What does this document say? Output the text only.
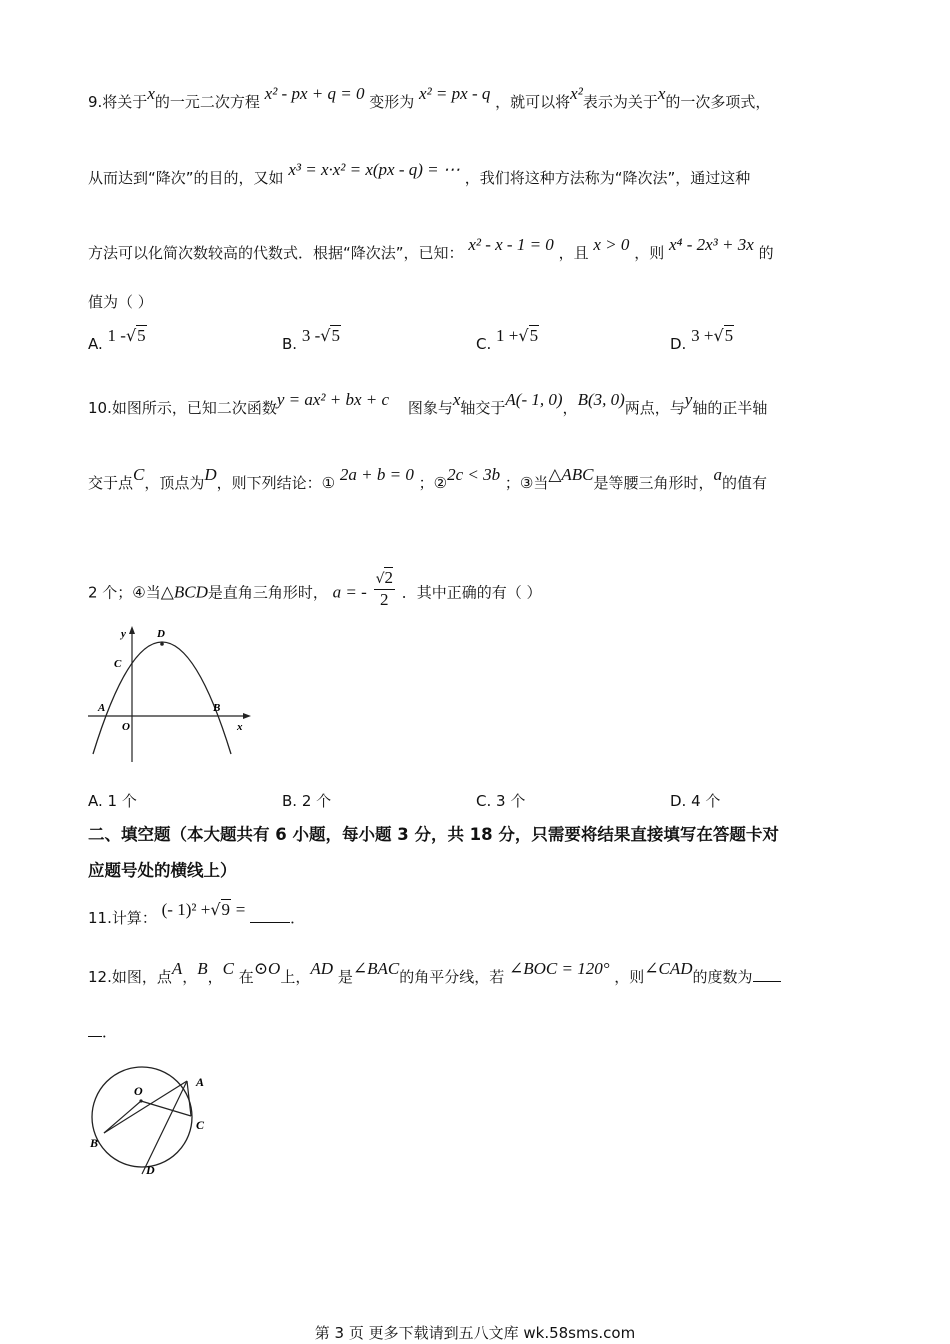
9.将关于x的一元二次方程 x² - px + q = 0 变形为 x² = px - q ，就可以将x²表示为关于x的一次多项式，
从而达到“降次”的目的，又如 x³ = x·x² = x(px - q) = ⋯ ，我们将这种方法称为“降次法”，通过这种
方法可以化简次数较高的代数式．根据“降次法”，已知： x² - x - 1 = 0 ，且 x > 0 ，则 x⁴ - 2x³ + 3x 的
值为（ ）
A. 1 -√5	B. 3 -√5	C. 1 +√5	D. 3 +√5
10.如图所示，已知二次函数y = ax² + bx + c 图象与x轴交于A(- 1, 0)，B(3, 0)两点，与y轴的正半轴
交于点C，顶点为D，则下列结论：① 2a + b = 0 ；②2c < 3b ；③当△ABC是等腰三角形时，a的值有
2 个；④当△BCD是直角三角形时， a = - $\frac{√2}{2}$ ．其中正确的有（ ）
y	D
C
A
O
B
x
A. 1 个	B. 2 个	C. 3 个	D. 4 个
二、填空题（本大题共有 6 小题，每小题 3 分，共 18 分，只需要将结果直接填写在答题卡对
应题号处的横线上）
11.计算： (- 1)² +√9 =	．
12.如图，点A，B，C 在⊙O上，AD 是∠BAC的角平分线，若 ∠BOC = 120° ，则∠CAD的度数为
．
O
A
C
B
D
第 3 页 更多下载请到五八文库 wk.58sms.com
